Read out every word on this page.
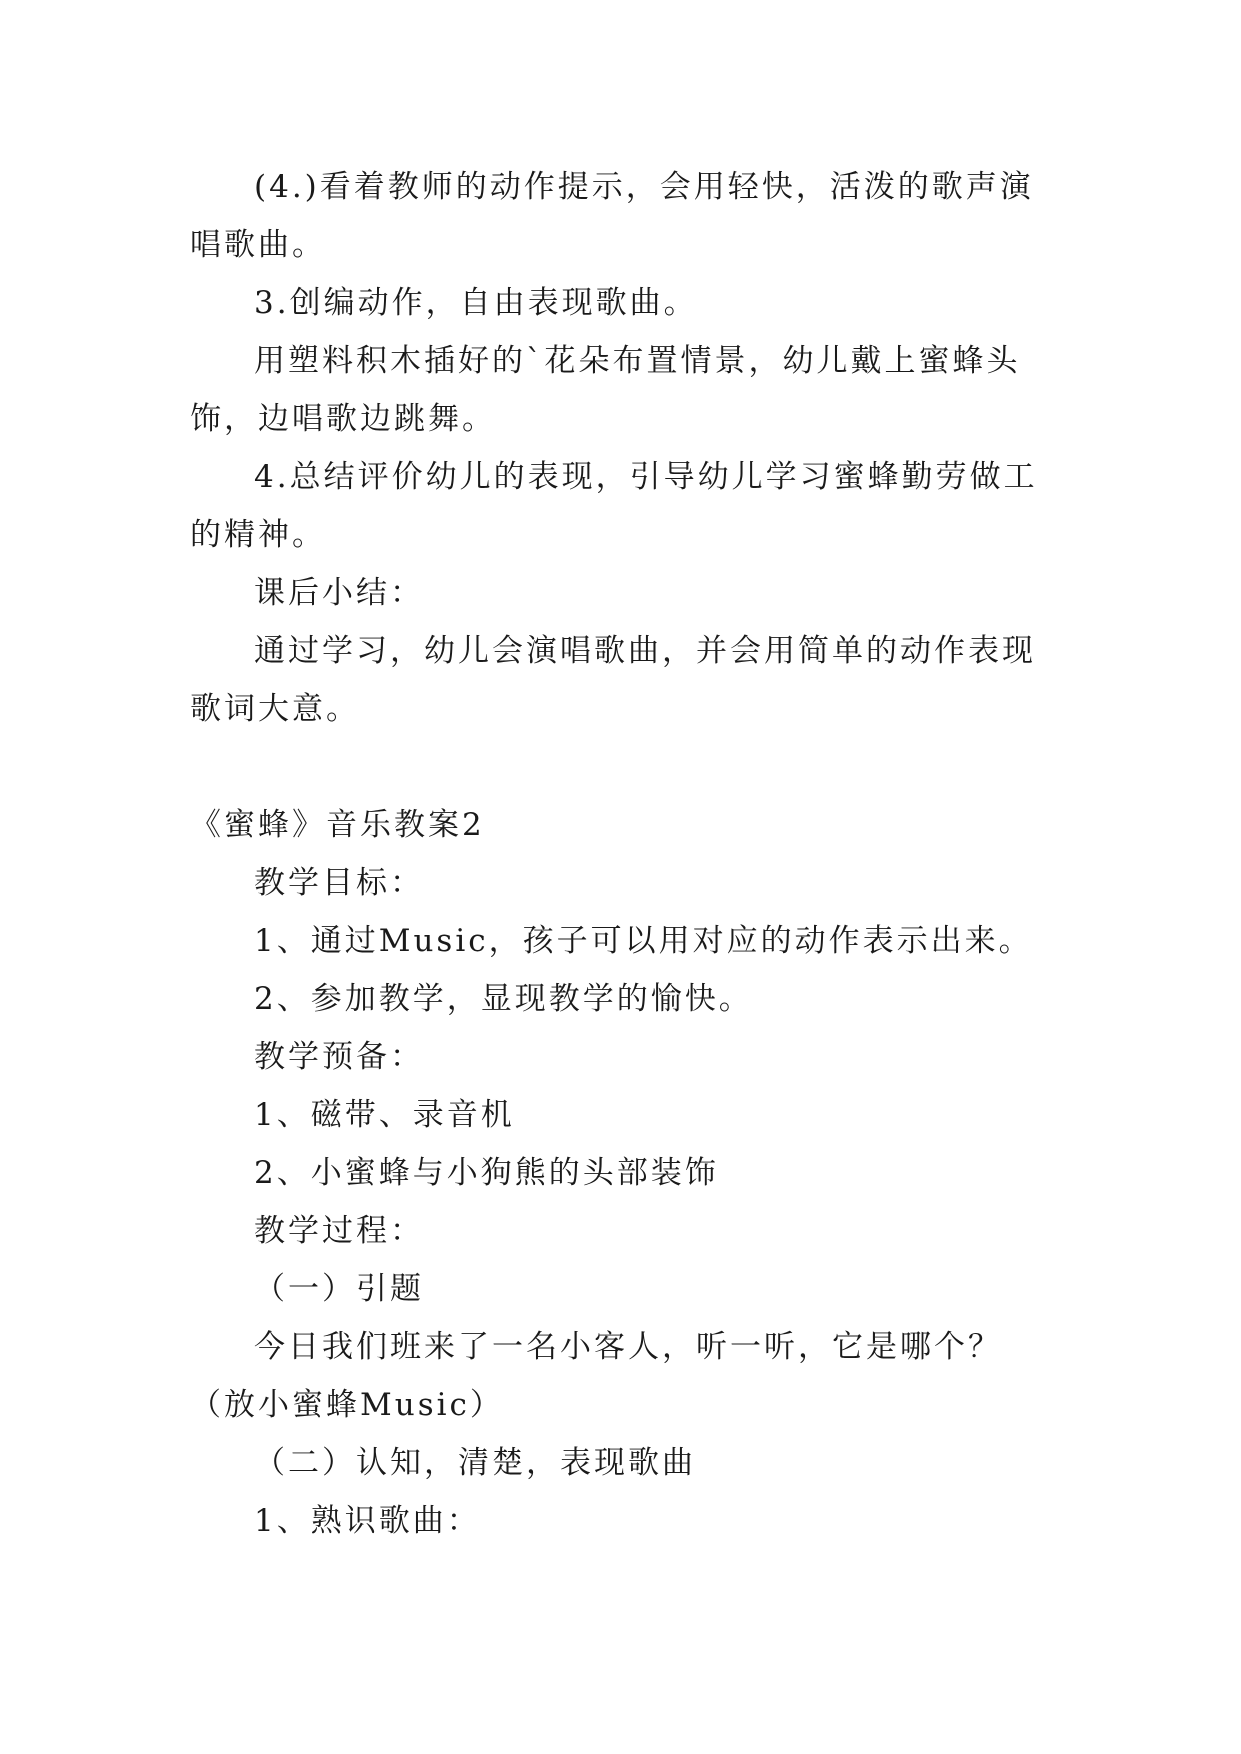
(4.)看着教师的动作提示，会用轻快，活泼的歌声演唱歌曲。

3.创编动作，自由表现歌曲。

用塑料积木插好的`花朵布置情景，幼儿戴上蜜蜂头饰，边唱歌边跳舞。

4.总结评价幼儿的表现，引导幼儿学习蜜蜂勤劳做工的精神。

课后小结：

通过学习，幼儿会演唱歌曲，并会用简单的动作表现歌词大意。

《蜜蜂》音乐教案2

教学目标：

1、通过Music，孩子可以用对应的动作表示出来。

2、参加教学，显现教学的愉快。

教学预备：

1、磁带、录音机

2、小蜜蜂与小狗熊的头部装饰

教学过程：

（一）引题

今日我们班来了一名小客人，听一听，它是哪个？（放小蜜蜂Music）

（二）认知，清楚，表现歌曲

1、熟识歌曲：
